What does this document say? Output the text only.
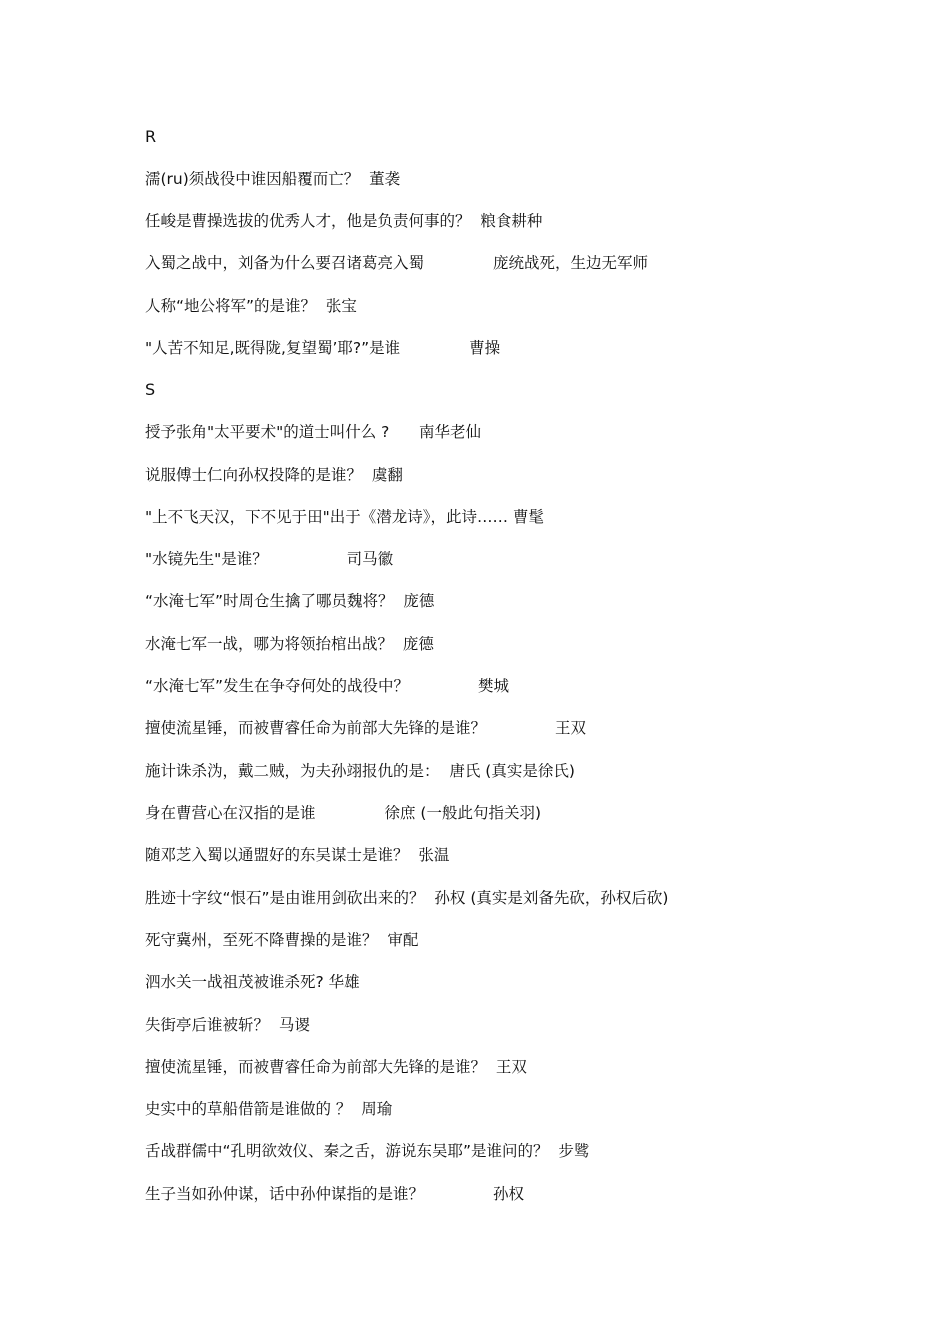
R
濡(ru)须战役中谁因船覆而亡？  董袭
任峻是曹操选拔的优秀人才，他是负责何事的？  粮食耕种
入蜀之战中，刘备为什么要召诸葛亮入蜀              庞统战死，生边无军师
人称“地公将军”的是谁？  张宝
"人苦不知足,既得陇,复望蜀’耶?”是谁              曹操
S
授予张角"太平要术"的道士叫什么 ?      南华老仙
说服傅士仁向孙权投降的是谁？  虞翻
"上不飞天汉，下不见于田"出于《潜龙诗》，此诗…… 曹髦
"水镜先生"是谁？                司马徽
“水淹七军”时周仓生擒了哪员魏将？  庞德
水淹七军一战，哪为将领抬棺出战？  庞德
“水淹七军”发生在争夺何处的战役中？              樊城
擅使流星锤，而被曹睿任命为前部大先锋的是谁？              王双
施计诛杀沩，戴二贼，为夫孙翊报仇的是：  唐氏 (真实是徐氏)
身在曹营心在汉指的是谁              徐庶 (一般此句指关羽)
随邓芝入蜀以通盟好的东吴谋士是谁？  张温
胜迹十字纹“恨石”是由谁用剑砍出来的？  孙权 (真实是刘备先砍，孙权后砍)
死守冀州，至死不降曹操的是谁？  审配
泗水关一战祖茂被谁杀死? 华雄
失街亭后谁被斩？  马谡
擅使流星锤，而被曹睿任命为前部大先锋的是谁？  王双
史实中的草船借箭是谁做的 ？  周瑜
舌战群儒中“孔明欲效仪、秦之舌，游说东吴耶”是谁问的？  步骘
生子当如孙仲谋，话中孙仲谋指的是谁？              孙权
